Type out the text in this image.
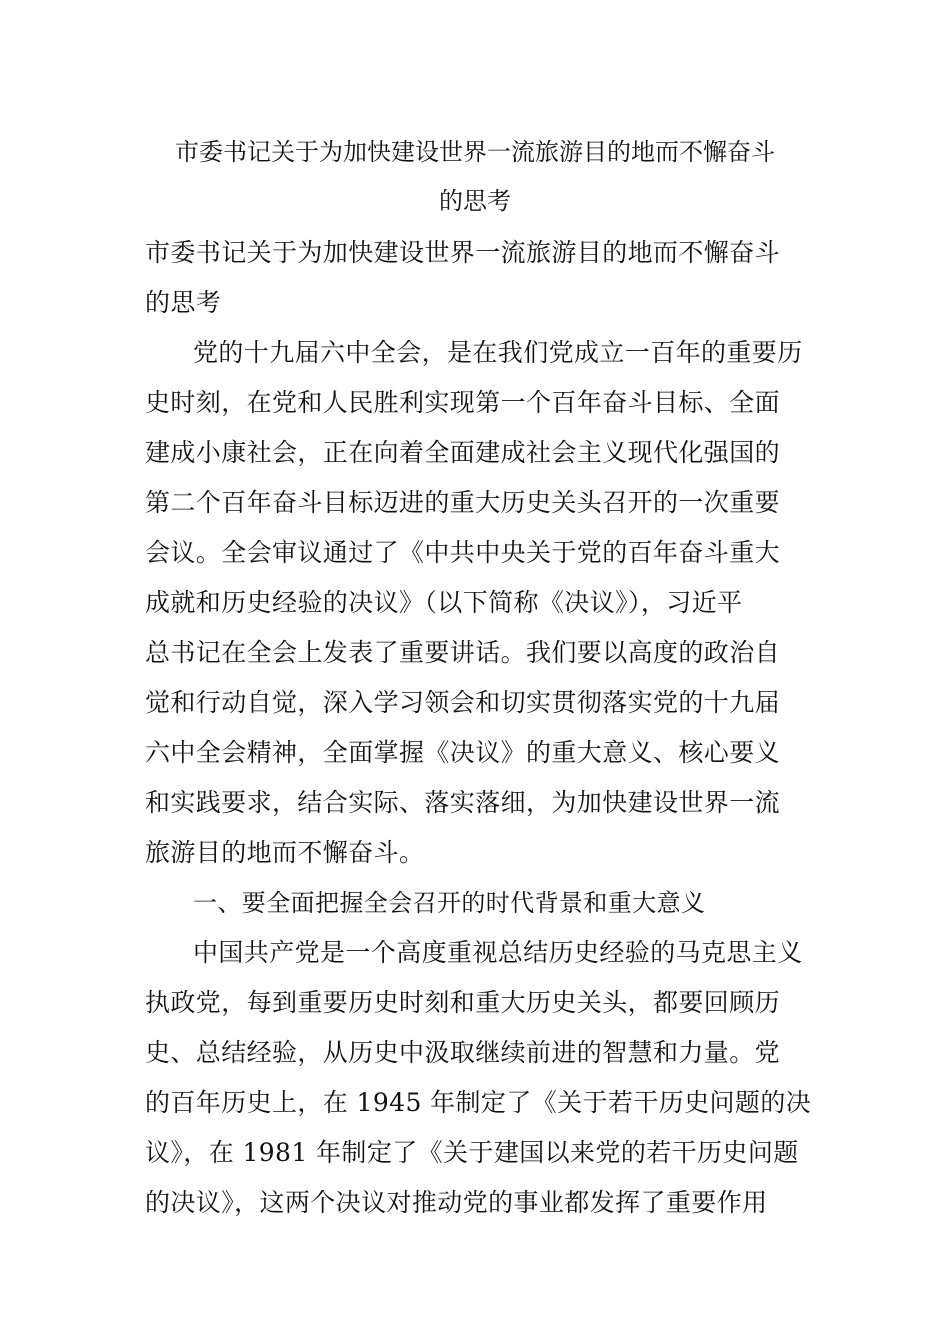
市委书记关于为加快建设世界一流旅游目的地而不懈奋斗
的思考
市委书记关于为加快建设世界一流旅游目的地而不懈奋斗
的思考
党的十九届六中全会，是在我们党成立一百年的重要历
史时刻，在党和人民胜利实现第一个百年奋斗目标、全面
建成小康社会，正在向着全面建成社会主义现代化强国的
第二个百年奋斗目标迈进的重大历史关头召开的一次重要
会议。全会审议通过了《中共中央关于党的百年奋斗重大
成就和历史经验的决议》（以下简称《决议》），习近平
总书记在全会上发表了重要讲话。我们要以高度的政治自
觉和行动自觉，深入学习领会和切实贯彻落实党的十九届
六中全会精神，全面掌握《决议》的重大意义、核心要义
和实践要求，结合实际、落实落细，为加快建设世界一流
旅游目的地而不懈奋斗。
一、要全面把握全会召开的时代背景和重大意义
中国共产党是一个高度重视总结历史经验的马克思主义
执政党，每到重要历史时刻和重大历史关头，都要回顾历
史、总结经验，从历史中汲取继续前进的智慧和力量。党
的百年历史上，在 1945 年制定了《关于若干历史问题的决
议》，在 1981 年制定了《关于建国以来党的若干历史问题
的决议》，这两个决议对推动党的事业都发挥了重要作用
